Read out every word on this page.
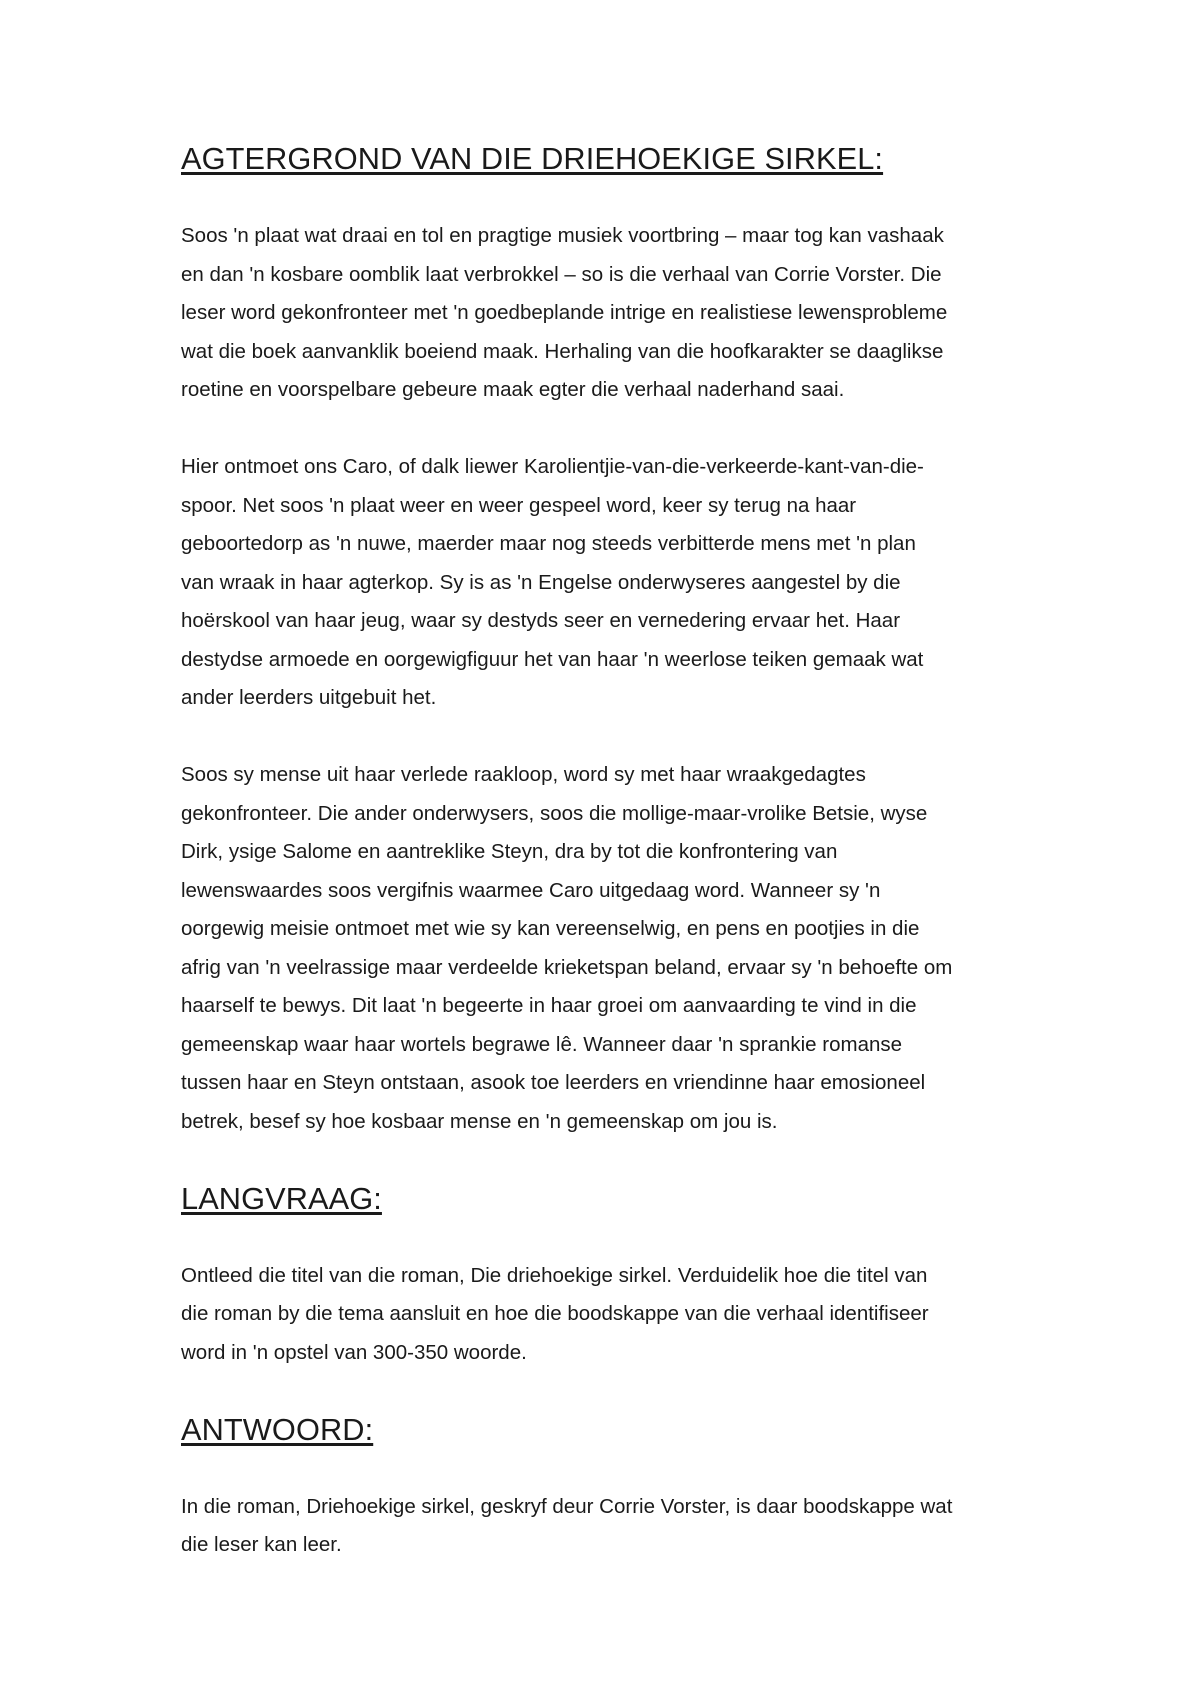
AGTERGROND VAN DIE DRIEHOEKIGE SIRKEL:

Soos 'n plaat wat draai en tol en pragtige musiek voortbring – maar tog kan vashaak
en dan 'n kosbare oomblik laat verbrokkel – so is die verhaal van Corrie Vorster. Die
leser word gekonfronteer met 'n goedbeplande intrige en realistiese lewensprobleme
wat die boek aanvanklik boeiend maak. Herhaling van die hoofkarakter se daaglikse
roetine en voorspelbare gebeure maak egter die verhaal naderhand saai.

Hier ontmoet ons Caro, of dalk liewer Karolientjie-van-die-verkeerde-kant-van-die-
spoor. Net soos 'n plaat weer en weer gespeel word, keer sy terug na haar
geboortedorp as 'n nuwe, maerder maar nog steeds verbitterde mens met 'n plan
van wraak in haar agterkop. Sy is as 'n Engelse onderwyseres aangestel by die
hoërskool van haar jeug, waar sy destyds seer en vernedering ervaar het. Haar
destydse armoede en oorgewigfiguur het van haar 'n weerlose teiken gemaak wat
ander leerders uitgebuit het.

Soos sy mense uit haar verlede raakloop, word sy met haar wraakgedagtes
gekonfronteer. Die ander onderwysers, soos die mollige-maar-vrolike Betsie, wyse
Dirk, ysige Salome en aantreklike Steyn, dra by tot die konfrontering van
lewenswaardes soos vergifnis waarmee Caro uitgedaag word. Wanneer sy 'n
oorgewig meisie ontmoet met wie sy kan vereenselwig, en pens en pootjies in die
afrig van 'n veelrassige maar verdeelde krieketspan beland, ervaar sy 'n behoefte om
haarself te bewys. Dit laat 'n begeerte in haar groei om aanvaarding te vind in die
gemeenskap waar haar wortels begrawe lê. Wanneer daar 'n sprankie romanse
tussen haar en Steyn ontstaan, asook toe leerders en vriendinne haar emosioneel
betrek, besef sy hoe kosbaar mense en 'n gemeenskap om jou is.

LANGVRAAG:

Ontleed die titel van die roman, Die driehoekige sirkel. Verduidelik hoe die titel van
die roman by die tema aansluit en hoe die boodskappe van die verhaal identifiseer
word in 'n opstel van 300-350 woorde.

ANTWOORD:

In die roman, Driehoekige sirkel, geskryf deur Corrie Vorster, is daar boodskappe wat
die leser kan leer.
